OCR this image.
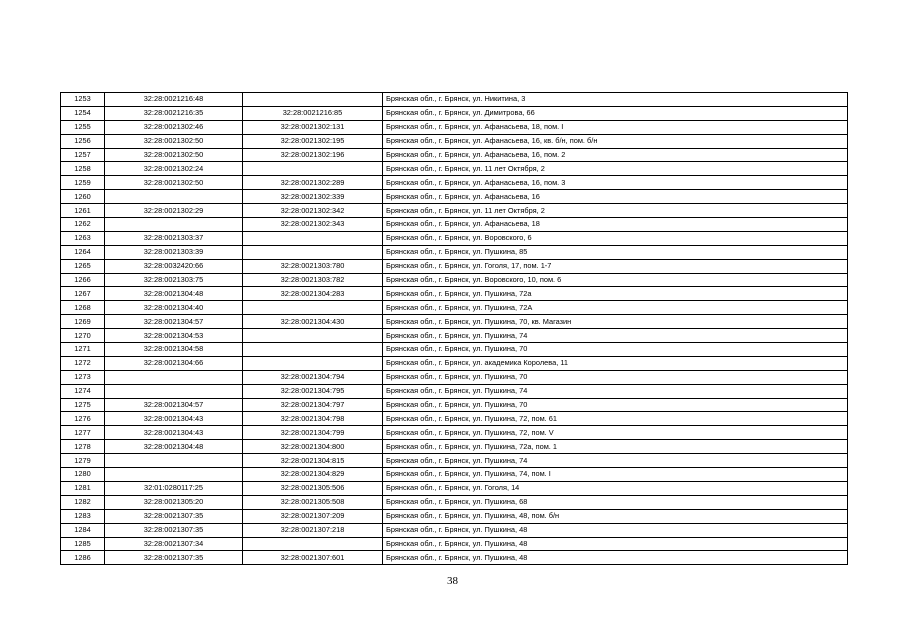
1253	32:28:0021216:48		Брянская обл., г. Брянск, ул. Никитина, 3
1254	32:28:0021216:35	32:28:0021216:85	Брянская обл., г. Брянск, ул. Димитрова, 66
1255	32:28:0021302:46	32:28:0021302:131	Брянская обл., г. Брянск, ул. Афанасьева, 18, пом. I
1256	32:28:0021302:50	32:28:0021302:195	Брянская обл., г. Брянск, ул. Афанасьева, 16, кв. б/н, пом. б/н
1257	32:28:0021302:50	32:28:0021302:196	Брянская обл., г. Брянск, ул. Афанасьева, 16, пом. 2
1258	32:28:0021302:24		Брянская обл., г. Брянск, ул. 11 лет Октября, 2
1259	32:28:0021302:50	32:28:0021302:289	Брянская обл., г. Брянск, ул. Афанасьева, 16, пом. 3
1260		32:28:0021302:339	Брянская обл., г. Брянск, ул. Афанасьева, 16
1261	32:28:0021302:29	32:28:0021302:342	Брянская обл., г. Брянск, ул. 11 лет Октября, 2
1262		32:28:0021302:343	Брянская обл., г. Брянск, ул. Афанасьева, 18
1263	32:28:0021303:37		Брянская обл., г. Брянск, ул. Воровского, 6
1264	32:28:0021303:39		Брянская обл., г. Брянск, ул. Пушкина, 85
1265	32:28:0032420:66	32:28:0021303:780	Брянская обл., г. Брянск, ул. Гоголя, 17, пом. 1-7
1266	32:28:0021303:75	32:28:0021303:782	Брянская обл., г. Брянск, ул. Воровского, 10, пом. 6
1267	32:28:0021304:48	32:28:0021304:283	Брянская обл., г. Брянск, ул. Пушкина, 72а
1268	32:28:0021304:40		Брянская обл., г. Брянск, ул. Пушкина, 72А
1269	32:28:0021304:57	32:28:0021304:430	Брянская обл., г. Брянск, ул. Пушкина, 70, кв. Магазин
1270	32:28:0021304:53		Брянская обл., г. Брянск, ул. Пушкина, 74
1271	32:28:0021304:58		Брянская обл., г. Брянск, ул. Пушкина, 70
1272	32:28:0021304:66		Брянская обл., г. Брянск, ул. академика Королева, 11
1273		32:28:0021304:794	Брянская обл., г. Брянск, ул. Пушкина, 70
1274		32:28:0021304:795	Брянская обл., г. Брянск, ул. Пушкина, 74
1275	32:28:0021304:57	32:28:0021304:797	Брянская обл., г. Брянск, ул. Пушкина, 70
1276	32:28:0021304:43	32:28:0021304:798	Брянская обл., г. Брянск, ул. Пушкина, 72, пом. 61
1277	32:28:0021304:43	32:28:0021304:799	Брянская обл., г. Брянск, ул. Пушкина, 72, пом. V
1278	32:28:0021304:48	32:28:0021304:800	Брянская обл., г. Брянск, ул. Пушкина, 72а, пом. 1
1279		32:28:0021304:815	Брянская обл., г. Брянск, ул. Пушкина, 74
1280		32:28:0021304:829	Брянская обл., г. Брянск, ул. Пушкина, 74, пом. I
1281	32:01:0280117:25	32:28:0021305:506	Брянская обл., г. Брянск, ул. Гоголя, 14
1282	32:28:0021305:20	32:28:0021305:508	Брянская обл., г. Брянск, ул. Пушкина, 68
1283	32:28:0021307:35	32:28:0021307:209	Брянская обл., г. Брянск, ул. Пушкина, 48, пом. б/н
1284	32:28:0021307:35	32:28:0021307:218	Брянская обл., г. Брянск, ул. Пушкина, 48
1285	32:28:0021307:34		Брянская обл., г. Брянск, ул. Пушкина, 48
1286	32:28:0021307:35	32:28:0021307:601	Брянская обл., г. Брянск, ул. Пушкина, 48
38
